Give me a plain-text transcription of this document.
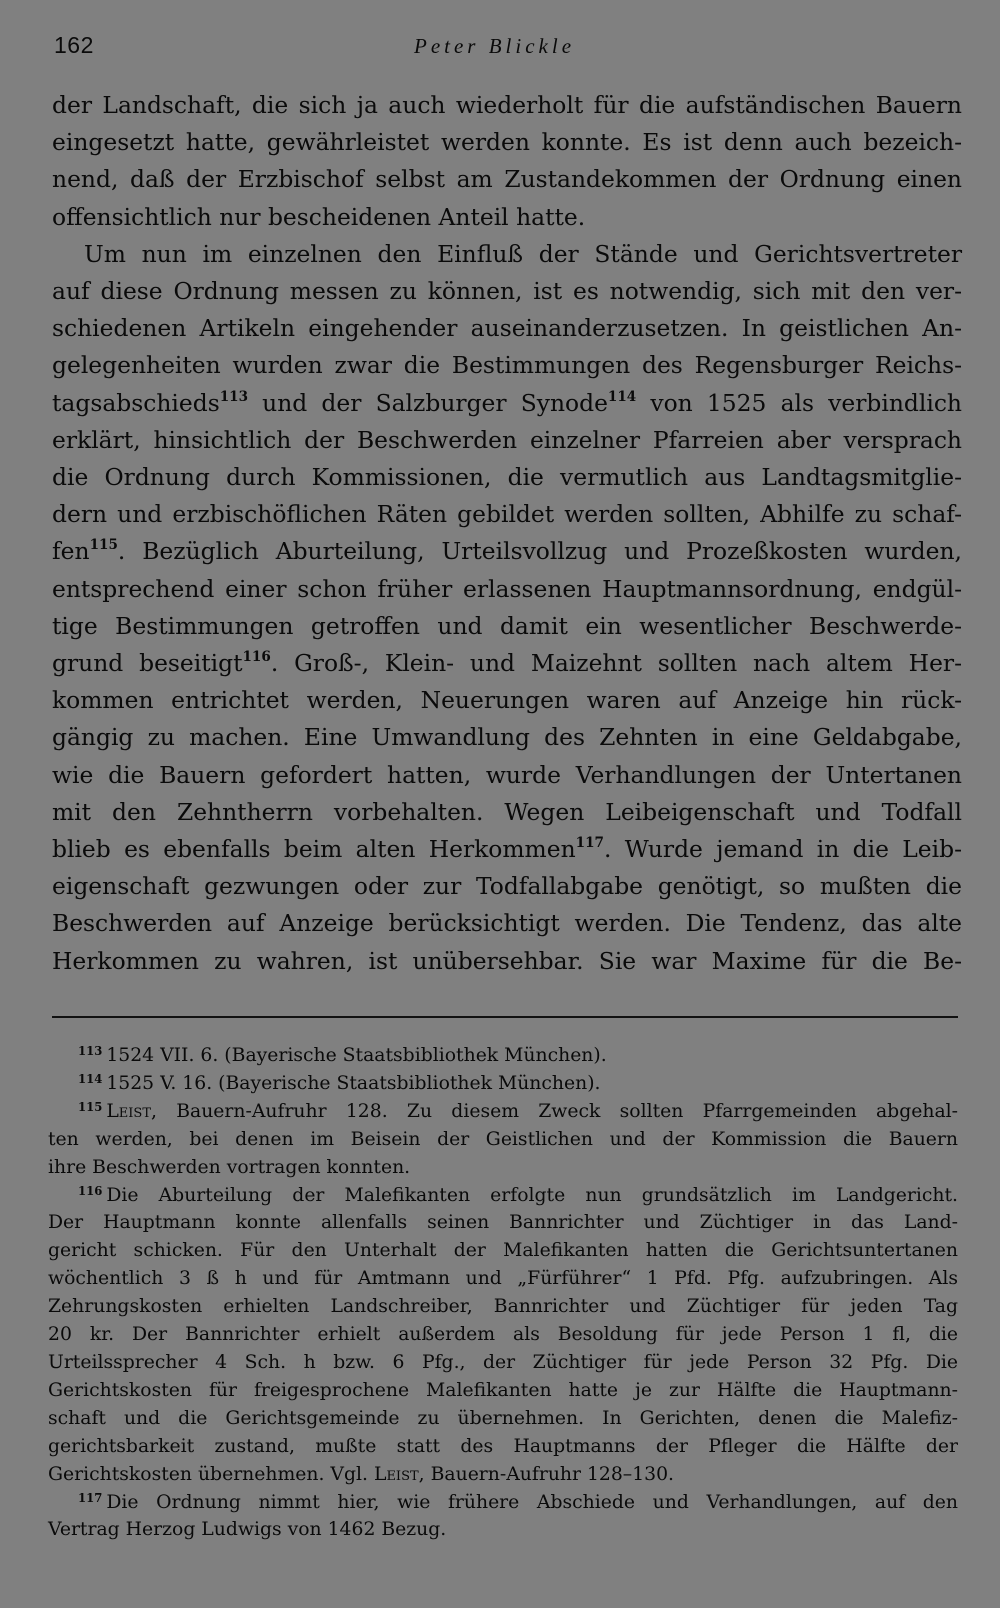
162	Peter Blickle
der Landschaft, die sich ja auch wiederholt für die aufständischen Bauern
eingesetzt hatte, gewährleistet werden konnte. Es ist denn auch bezeich-
nend, daß der Erzbischof selbst am Zustandekommen der Ordnung einen
offensichtlich nur bescheidenen Anteil hatte.
Um nun im einzelnen den Einfluß der Stände und Gerichtsvertreter
auf diese Ordnung messen zu können, ist es notwendig, sich mit den ver-
schiedenen Artikeln eingehender auseinanderzusetzen. In geistlichen An-
gelegenheiten wurden zwar die Bestimmungen des Regensburger Reichs-
tagsabschieds$^{113}$ und der Salzburger Synode$^{114}$ von 1525 als verbindlich
erklärt, hinsichtlich der Beschwerden einzelner Pfarreien aber versprach
die Ordnung durch Kommissionen, die vermutlich aus Landtagsmitglie-
dern und erzbischöflichen Räten gebildet werden sollten, Abhilfe zu schaf-
fen$^{115}$. Bezüglich Aburteilung, Urteilsvollzug und Prozeßkosten wurden,
entsprechend einer schon früher erlassenen Hauptmannsordnung, endgül-
tige Bestimmungen getroffen und damit ein wesentlicher Beschwerde-
grund beseitigt$^{116}$. Groß-, Klein- und Maizehnt sollten nach altem Her-
kommen entrichtet werden, Neuerungen waren auf Anzeige hin rück-
gängig zu machen. Eine Umwandlung des Zehnten in eine Geldabgabe,
wie die Bauern gefordert hatten, wurde Verhandlungen der Untertanen
mit den Zehntherrn vorbehalten. Wegen Leibeigenschaft und Todfall
blieb es ebenfalls beim alten Herkommen$^{117}$. Wurde jemand in die Leib-
eigenschaft gezwungen oder zur Todfallabgabe genötigt, so mußten die
Beschwerden auf Anzeige berücksichtigt werden. Die Tendenz, das alte
Herkommen zu wahren, ist unübersehbar. Sie war Maxime für die Be-
$^{113}$ 1524 VII. 6. (Bayerische Staatsbibliothek München).
$^{114}$ 1525 V. 16. (Bayerische Staatsbibliothek München).
$^{115}$ Leist, Bauern-Aufruhr 128. Zu diesem Zweck sollten Pfarrgemeinden abgehal-
ten werden, bei denen im Beisein der Geistlichen und der Kommission die Bauern
ihre Beschwerden vortragen konnten.
$^{116}$ Die Aburteilung der Malefikanten erfolgte nun grundsätzlich im Landgericht.
Der Hauptmann konnte allenfalls seinen Bannrichter und Züchtiger in das Land-
gericht schicken. Für den Unterhalt der Malefikanten hatten die Gerichtsuntertanen
wöchentlich 3 ß h und für Amtmann und „Fürführer“ 1 Pfd. Pfg. aufzubringen. Als
Zehrungskosten erhielten Landschreiber, Bannrichter und Züchtiger für jeden Tag
20 kr. Der Bannrichter erhielt außerdem als Besoldung für jede Person 1 fl, die
Urteilssprecher 4 Sch. h bzw. 6 Pfg., der Züchtiger für jede Person 32 Pfg. Die
Gerichtskosten für freigesprochene Malefikanten hatte je zur Hälfte die Hauptmann-
schaft und die Gerichtsgemeinde zu übernehmen. In Gerichten, denen die Malefiz-
gerichtsbarkeit zustand, mußte statt des Hauptmanns der Pfleger die Hälfte der
Gerichtskosten übernehmen. Vgl. Leist, Bauern-Aufruhr 128–130.
$^{117}$ Die Ordnung nimmt hier, wie frühere Abschiede und Verhandlungen, auf den
Vertrag Herzog Ludwigs von 1462 Bezug.
